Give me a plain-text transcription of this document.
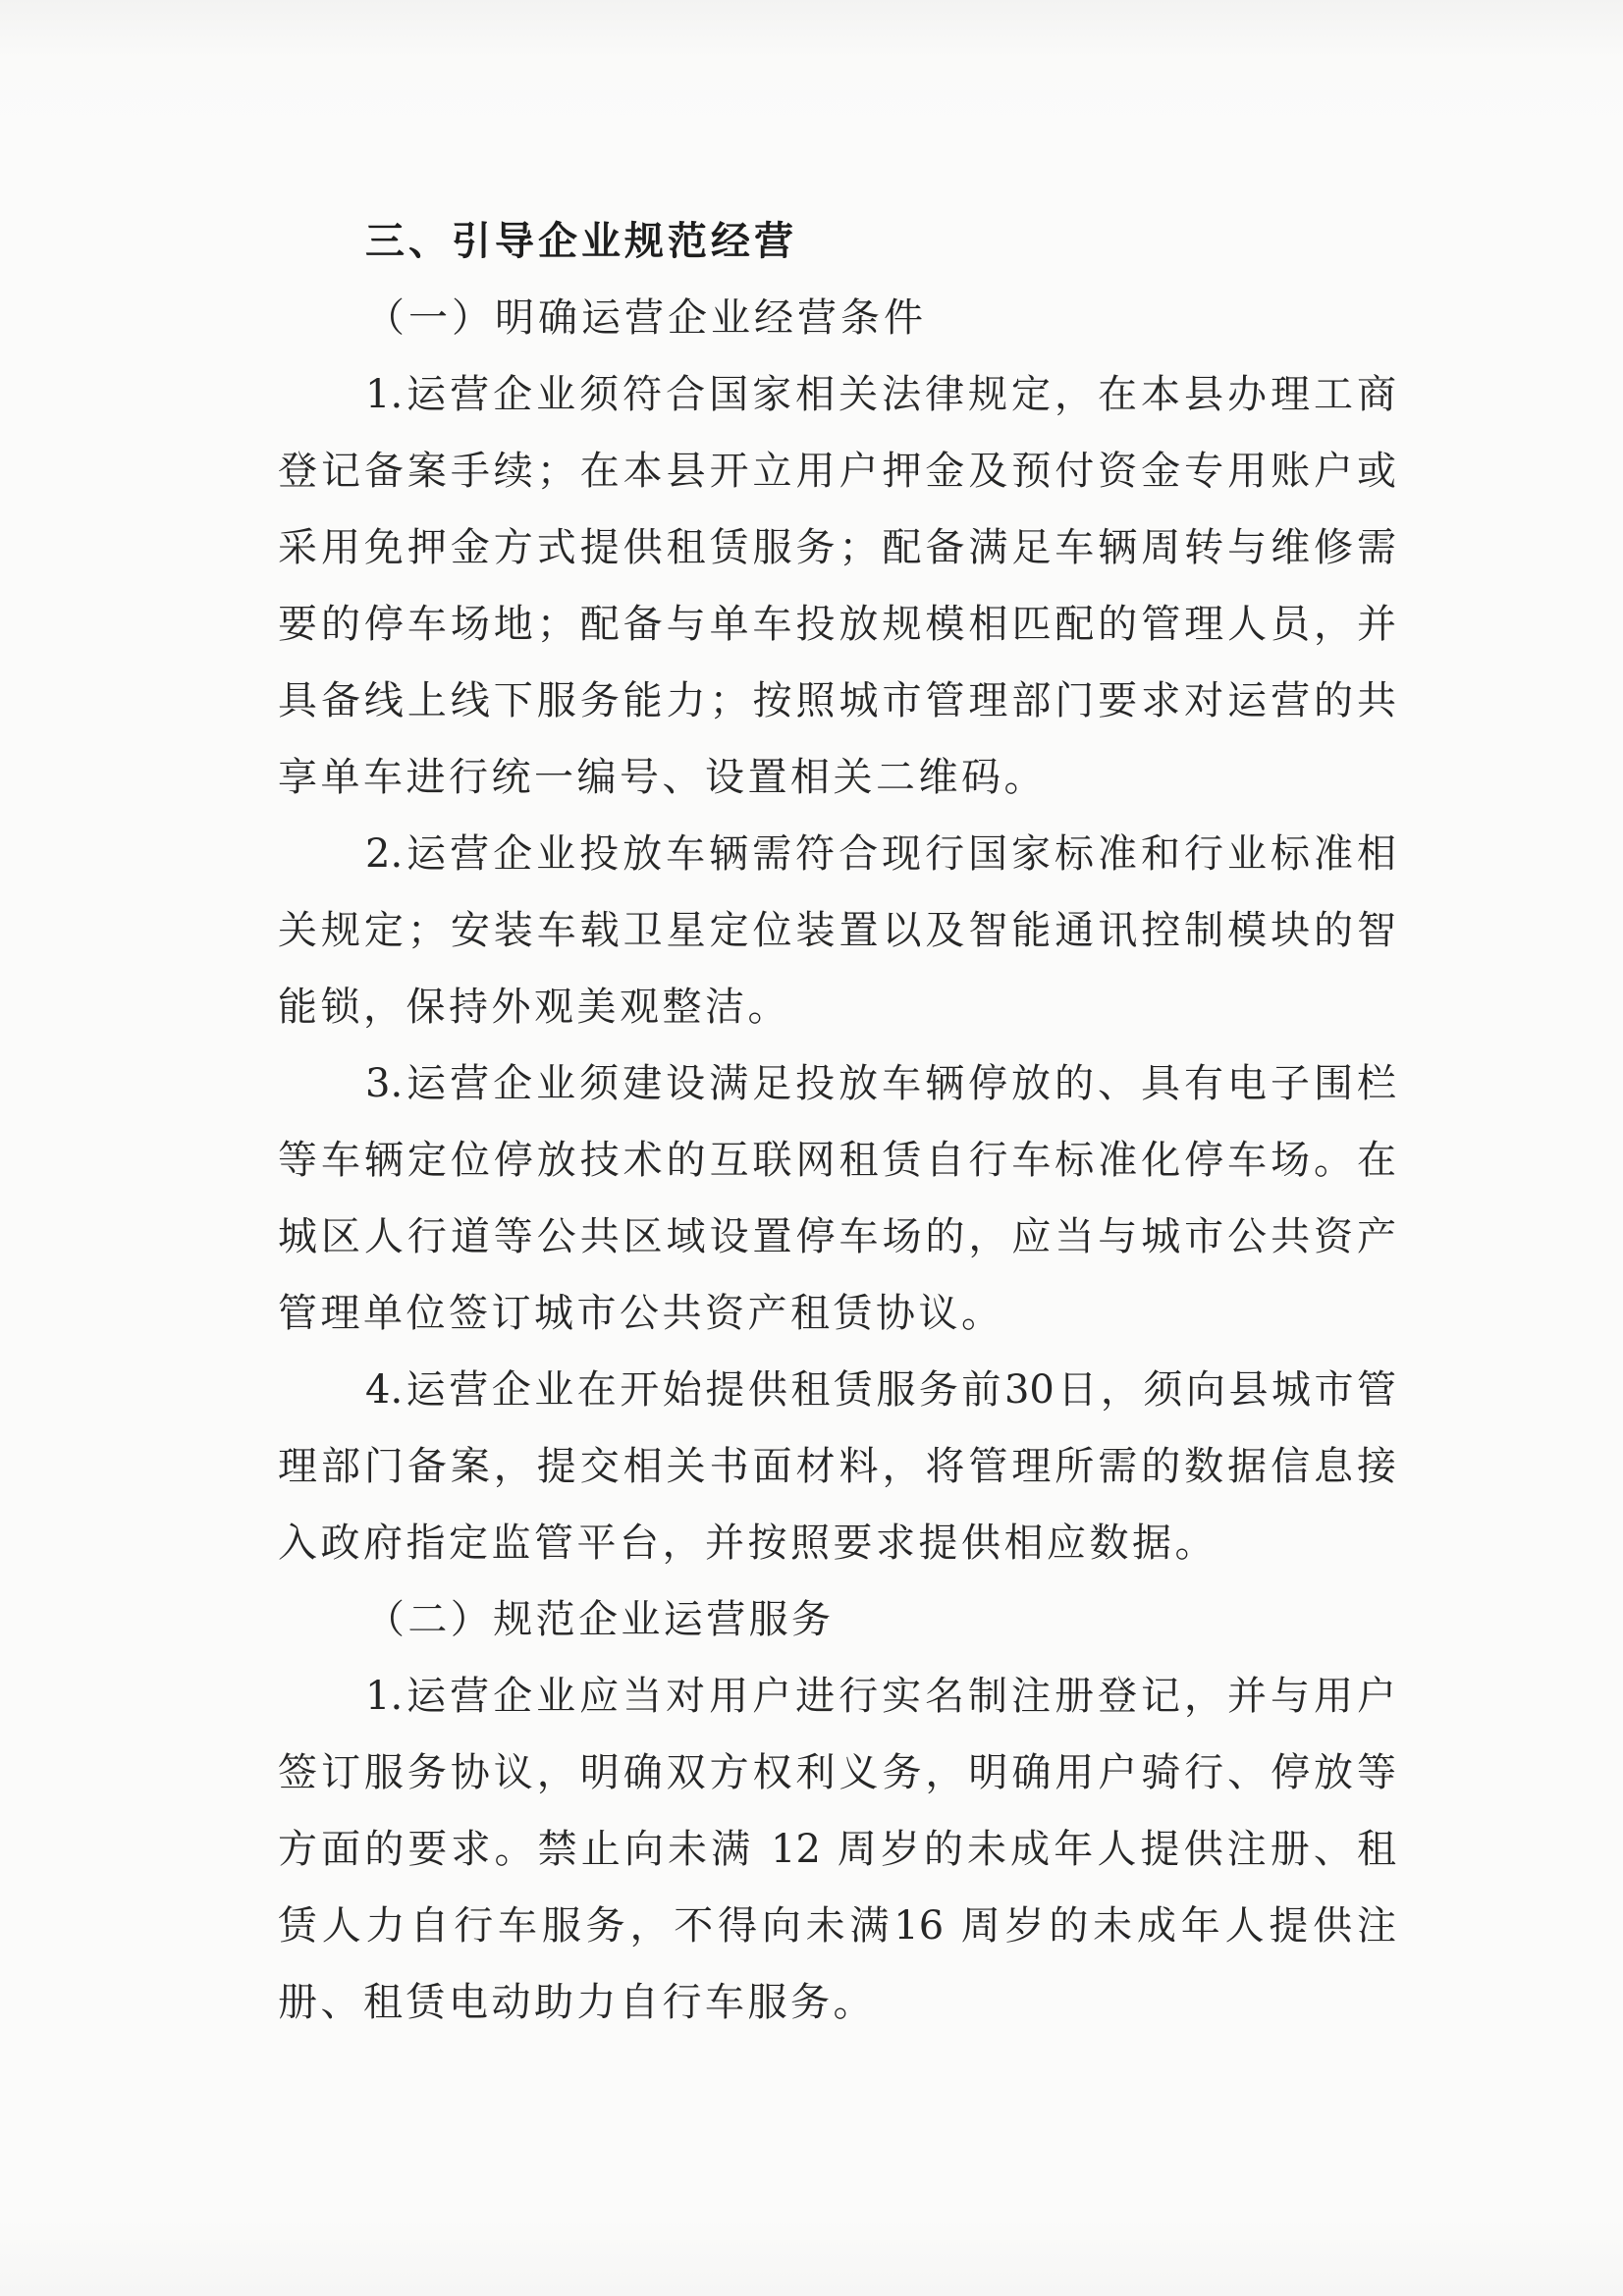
三、引导企业规范经营
（一）明确运营企业经营条件
1.运营企业须符合国家相关法律规定，在本县办理工商
登记备案手续；在本县开立用户押金及预付资金专用账户或
采用免押金方式提供租赁服务；配备满足车辆周转与维修需
要的停车场地；配备与单车投放规模相匹配的管理人员，并
具备线上线下服务能力；按照城市管理部门要求对运营的共
享单车进行统一编号、设置相关二维码。
2.运营企业投放车辆需符合现行国家标准和行业标准相
关规定；安装车载卫星定位装置以及智能通讯控制模块的智
能锁，保持外观美观整洁。
3.运营企业须建设满足投放车辆停放的、具有电子围栏
等车辆定位停放技术的互联网租赁自行车标准化停车场。在
城区人行道等公共区域设置停车场的，应当与城市公共资产
管理单位签订城市公共资产租赁协议。
4.运营企业在开始提供租赁服务前30日，须向县城市管
理部门备案，提交相关书面材料，将管理所需的数据信息接
入政府指定监管平台，并按照要求提供相应数据。
（二）规范企业运营服务
1.运营企业应当对用户进行实名制注册登记，并与用户
签订服务协议，明确双方权利义务，明确用户骑行、停放等
方面的要求。禁止向未满 12 周岁的未成年人提供注册、租
赁人力自行车服务，不得向未满16 周岁的未成年人提供注
册、租赁电动助力自行车服务。
